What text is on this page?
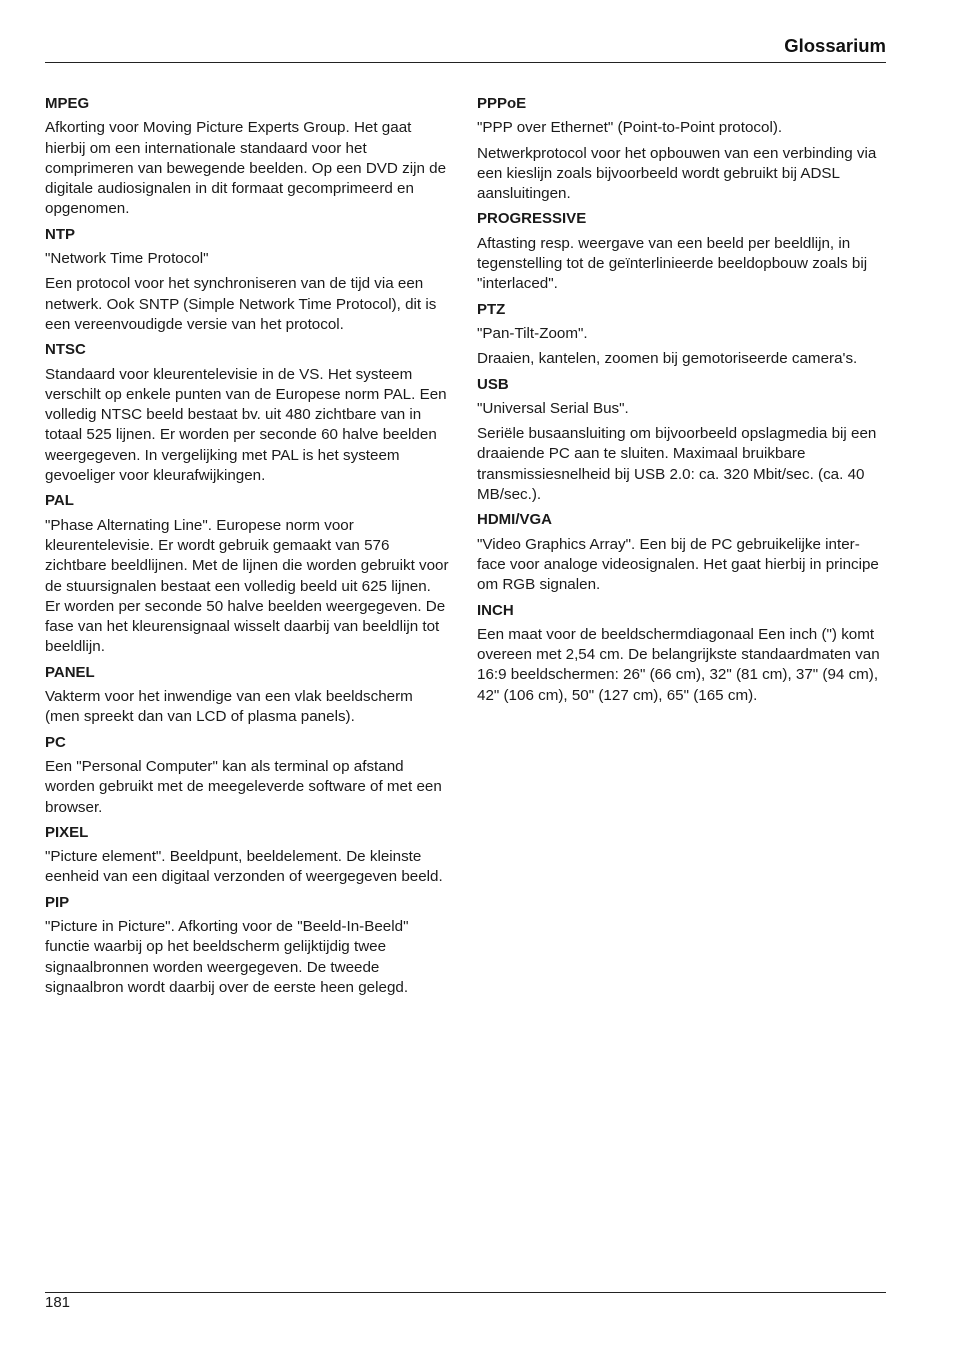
Glossarium
MPEG
Afkorting voor Moving Picture Experts Group. Het gaat hierbij om een internationale standaard voor het comprimeren van bewegende beelden. Op een DVD zijn de digitale audiosignalen in dit formaat gecomprimeerd en opgenomen.
NTP
"Network Time Protocol"
Een protocol voor het synchroniseren van de tijd via een netwerk. Ook SNTP (Simple Network Time Protocol), dit is een vereenvoudigde versie van het protocol.
NTSC
Standaard voor kleurentelevisie in de VS. Het systeem verschilt op enkele punten van de Europese norm PAL. Een volledig NTSC beeld bestaat bv. uit 480 zichtbare van in totaal 525 lijnen. Er worden per seconde 60 halve beelden weergegeven. In vergelijking met PAL is het systeem gevoeliger voor kleurafwijkingen.
PAL
"Phase Alternating Line". Europese norm voor kleurentelevisie. Er wordt gebruik gemaakt van 576 zichtbare beeldlijnen. Met de lijnen die worden gebruikt voor de stuursignalen bestaat een volledig beeld uit 625 lijnen. Er worden per seconde 50 halve beelden weergegeven. De fase van het kleurensignaal wisselt daarbij van beeldlijn tot beeldlijn.
PANEL
Vakterm voor het inwendige van een vlak beeldscherm (men spreekt dan van LCD of plasma panels).
PC
Een "Personal Computer" kan als terminal op afstand worden gebruikt met de meegeleverde software of met een browser.
PIXEL
"Picture element". Beeldpunt, beeldelement. De kleinste eenheid van een digitaal verzonden of weergegeven beeld.
PIP
"Picture in Picture". Afkorting voor de "Beeld-In-Beeld" functie waarbij op het beeldscherm gelijktijdig twee signaalbronnen worden weergegeven. De tweede signaalbron wordt daarbij over de eerste heen gelegd.
PPPoE
"PPP over Ethernet" (Point-to-Point protocol).
Netwerkprotocol voor het opbouwen van een verbinding via een kieslijn zoals bijvoorbeeld wordt gebruikt bij ADSL aansluitingen.
PROGRESSIVE
Aftasting resp. weergave van een beeld per beeldlijn, in tegenstelling tot de geïnterlinieerde beeldopbouw zoals bij "interlaced".
PTZ
"Pan-Tilt-Zoom".
Draaien, kantelen, zoomen bij gemotoriseerde camera's.
USB
"Universal Serial Bus".
Seriële busaansluiting om bijvoorbeeld opslagmedia bij een draaiende PC aan te sluiten. Maximaal bruikbare transmissiesnelheid bij USB 2.0: ca. 320 Mbit/sec. (ca. 40 MB/sec.).
HDMI/VGA
"Video Graphics Array". Een bij de PC gebruikelijke inter-face voor analoge videosignalen. Het gaat hierbij in principe om RGB signalen.
INCH
Een maat voor de beeldschermdiagonaal Een inch (") komt overeen met 2,54 cm. De belangrijkste standaardmaten van 16:9 beeldschermen: 26" (66 cm), 32" (81 cm), 37" (94 cm), 42" (106 cm), 50" (127 cm), 65" (165 cm).
181
